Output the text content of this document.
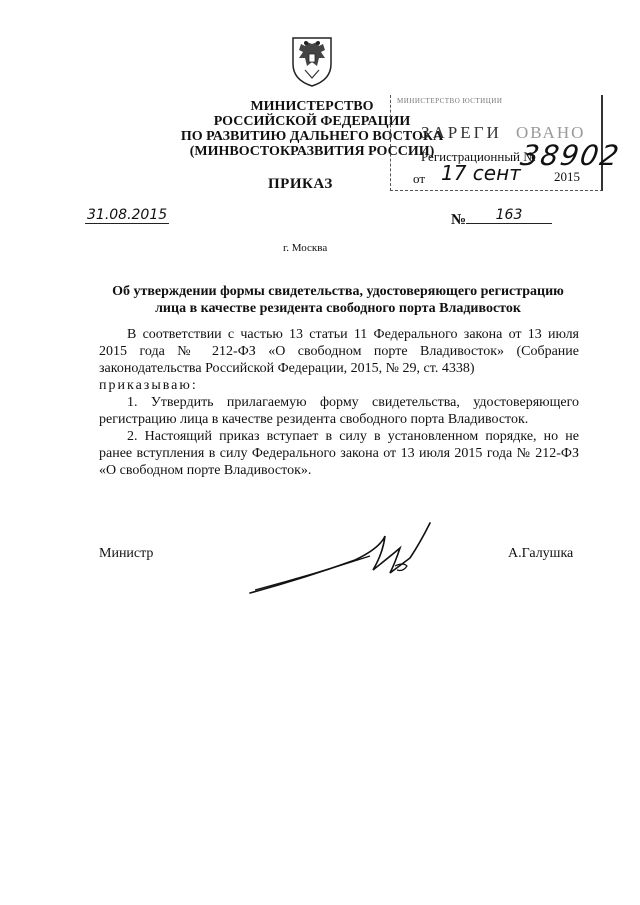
МИНИСТЕРСТВО
РОССИЙСКОЙ ФЕДЕРАЦИИ
ПО РАЗВИТИЮ ДАЛЬНЕГО ВОСТОКА
(МИНВОСТОКРАЗВИТИЯ РОССИИ)
МИНИСТЕРСТВО ЮСТИЦИИ
ЗАРЕГИ ОВАНО
Регистрационный №
38902
от 17 сент	2015
ПРИКАЗ
31.08.2015	№	163
г. Москва
Об утверждении формы свидетельства, удостоверяющего регистрацию
лица в качестве резидента свободного порта Владивосток

В соответствии с частью 13 статьи 11 Федерального закона от 13 июля 2015 года № 212-ФЗ «О свободном порте Владивосток» (Собрание законодательства Российской Федерации, 2015, № 29, ст. 4338)

приказываю:

1. Утвердить прилагаемую форму свидетельства, удостоверяющего регистрацию лица в качестве резидента свободного порта Владивосток.

2. Настоящий приказ вступает в силу в установленном порядке, но не ранее вступления в силу Федерального закона от 13 июля 2015 года № 212-ФЗ «О свободном порте Владивосток».

Министр	А.Галушка
